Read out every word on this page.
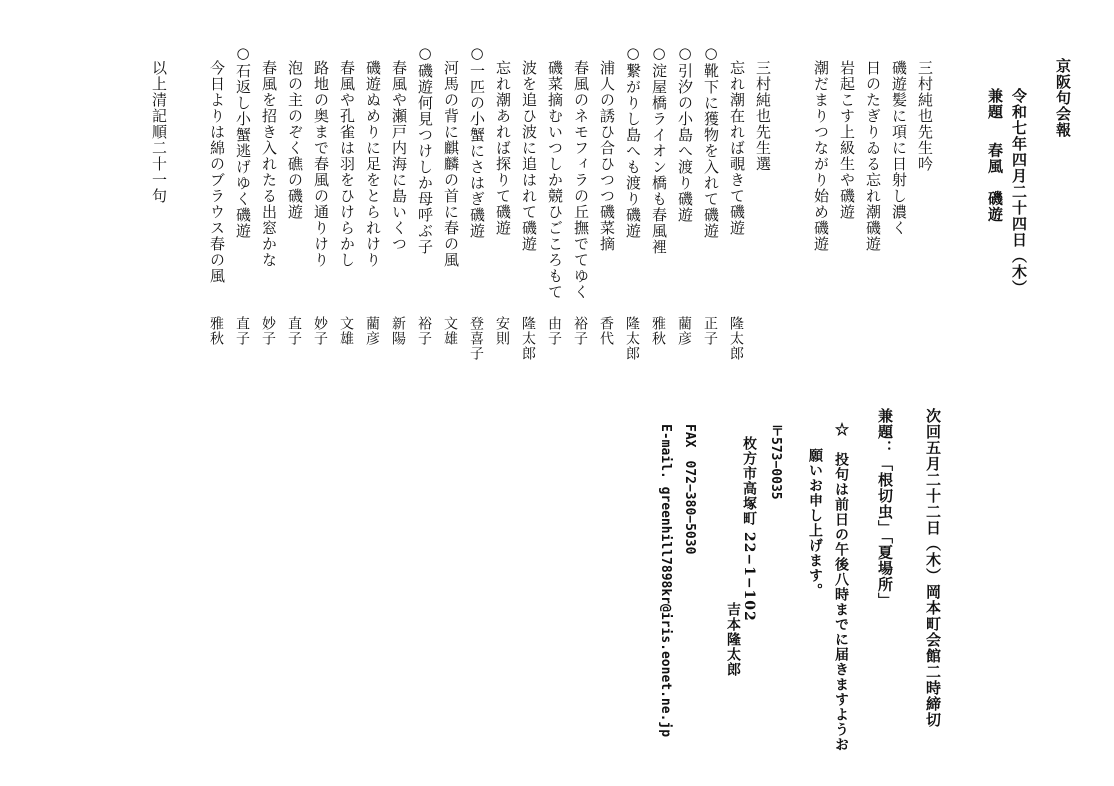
京阪句会報
令和七年四月二十四日（木）
兼題　 春風　磯遊
三村純也先生吟
磯遊髪に項に日射し濃く
日のたぎりゐる忘れ潮磯遊
岩起こす上級生や磯遊
潮だまりつながり始め磯遊
三村純也先生選
忘れ潮在れば覗きて磯遊
隆太郎
○靴下に獲物を入れて磯遊
正子
○引汐の小島へ渡り磯遊
藺彦
○淀屋橋ライオン橋も春風裡
雅秋
○繋がりし島へも渡り磯遊
隆太郎
浦人の誘ひ合ひつつ磯菜摘
香代
春風のネモフィラの丘撫でてゆく
裕子
磯菜摘むいつしか競ひごころもて
由子
波を追ひ波に追はれて磯遊
隆太郎
忘れ潮あれば探りて磯遊
安則
○一匹の小蟹にさはぎ磯遊
登喜子
河馬の背に麒麟の首に春の風
文雄
○磯遊何見つけしか母呼ぶ子
裕子
春風や瀬戸内海に島いくつ
新陽
磯遊ぬめりに足をとられけり
藺彦
春風や孔雀は羽をひけらかし
文雄
路地の奥まで春風の通りけり
妙子
泡の主のぞく礁の磯遊
直子
春風を招き入れたる出窓かな
妙子
○石返し小蟹逃げゆく磯遊
直子
今日よりは綿のブラウス春の風
雅秋
以上清記順二十一句
次回五月二十二日（木）岡本町会館二時締切
兼題：「根切虫」「夏場所」
☆　投句は前日の午後八時までに届きますようお
願いお申し上げます。
吉本隆太郎
〒573−0035
枚方市高塚町 22−1−102
FAX　072−380−5030
E-mail. greenhill7898kr@iris.eonet.ne.jp
